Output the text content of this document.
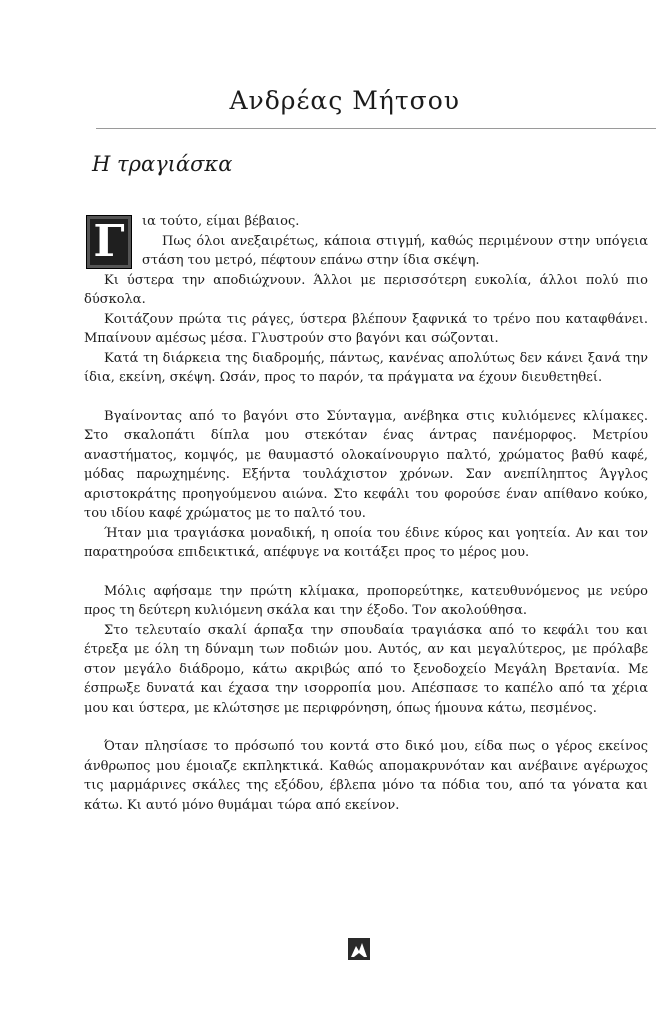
Ανδρέας Μήτσου
Η τραγιάσκα
Γ	ια τούτο, είμαι βέβαιος.

Πως όλοι ανεξαιρέτως, κάποια στιγμή, καθώς περιμένουν στην υπόγεια στάση του μετρό, πέφτουν επάνω στην ίδια σκέψη.

Κι ύστερα την αποδιώχνουν. Άλλοι με περισσότερη ευκολία, άλλοι πολύ πιο δύσκολα.

Κοιτάζουν πρώτα τις ράγες, ύστερα βλέπουν ξαφνικά το τρένο που καταφθάνει. Μπαίνουν αμέσως μέσα. Γλυστρούν στο βαγόνι και σώζονται.

Κατά τη διάρκεια της διαδρομής, πάντως, κανένας απολύτως δεν κάνει ξανά την ίδια, εκείνη, σκέψη. Ωσάν, προς το παρόν, τα πράγματα να έχουν διευθετηθεί.

Βγαίνοντας από το βαγόνι στο Σύνταγμα, ανέβηκα στις κυλιόμενες κλίμακες. Στο σκαλοπάτι δίπλα μου στεκόταν ένας άντρας πανέμορφος. Μετρίου αναστήματος, κομψός, με θαυμαστό ολοκαίνουργιο παλτό, χρώματος βαθύ καφέ, μόδας παρωχημένης. Εξήντα τουλάχιστον χρόνων. Σαν ανεπίληπτος Άγγλος αριστοκράτης προηγούμενου αιώνα. Στο κεφάλι του φορούσε έναν απίθανο κούκο, του ιδίου καφέ χρώματος με το παλτό του.

Ήταν μια τραγιάσκα μοναδική, η οποία του έδινε κύρος και γοητεία. Αν και τον παρατηρούσα επιδεικτικά, απέφυγε να κοιτάξει προς το μέρος μου.

Μόλις αφήσαμε την πρώτη κλίμακα, προπορεύτηκε, κατευθυνόμενος με νεύρο προς τη δεύτερη κυλιόμενη σκάλα και την έξοδο. Τον ακολούθησα.

Στο τελευταίο σκαλί άρπαξα την σπουδαία τραγιάσκα από το κεφάλι του και έτρεξα με όλη τη δύναμη των ποδιών μου. Αυτός, αν και μεγαλύτερος, με πρόλαβε στον μεγάλο διάδρομο, κάτω ακριβώς από το ξενοδοχείο Μεγάλη Βρετανία. Με έσπρωξε δυνατά και έχασα την ισορροπία μου. Απέσπασε το καπέλο από τα χέρια μου και ύστερα, με κλώτσησε με περιφρόνηση, όπως ήμουνα κάτω, πεσμένος.

Όταν πλησίασε το πρόσωπό του κοντά στο δικό μου, είδα πως ο γέρος εκείνος άνθρωπος μου έμοιαζε εκπληκτικά. Καθώς απομακρυνόταν και ανέβαινε αγέρωχος τις μαρμάρινες σκάλες της εξόδου, έβλεπα μόνο τα πόδια του, από τα γόνατα και κάτω. Κι αυτό μόνο θυμάμαι τώρα από εκείνον.
